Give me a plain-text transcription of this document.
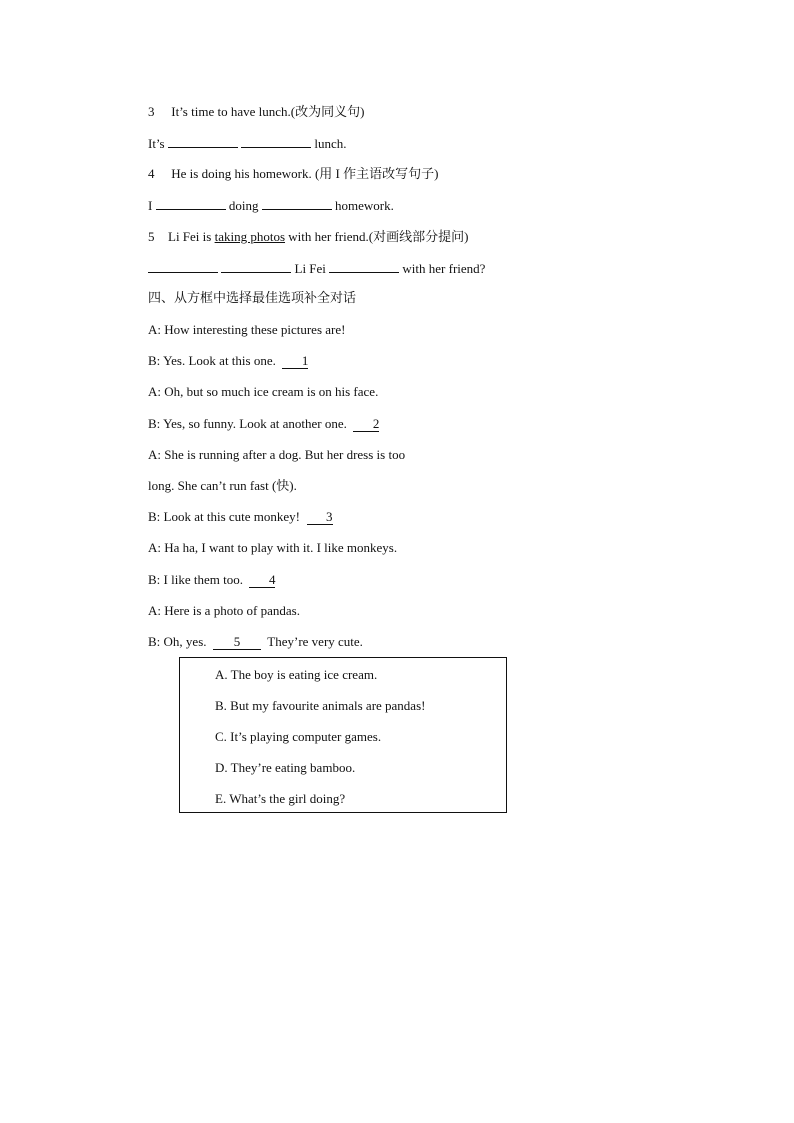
3 It’s time to have lunch.(改为同义句)
It’s	lunch.
4 He is doing his homework. (用 I 作主语改写句子)
I	doing	homework.
5 Li Fei is taking photos with her friend.(对画线部分提问)
Li Fei	with her friend?
四、从方框中选择最佳选项补全对话
A: How interesting these pictures are!
B: Yes. Look at this one. 1
A: Oh, but so much ice cream is on his face.
B: Yes, so funny. Look at another one. 2
A: She is running after a dog. But her dress is too
long. She can’t run fast (快).
B: Look at this cute monkey! 3
A: Ha ha, I want to play with it. I like monkeys.
B: I like them too. 4
A: Here is a photo of pandas.
B: Oh, yes. 5  They’re very cute.
A. The boy is eating ice cream.
B. But my favourite animals are pandas!
C. It’s playing computer games.
D. They’re eating bamboo.
E. What’s the girl doing?
